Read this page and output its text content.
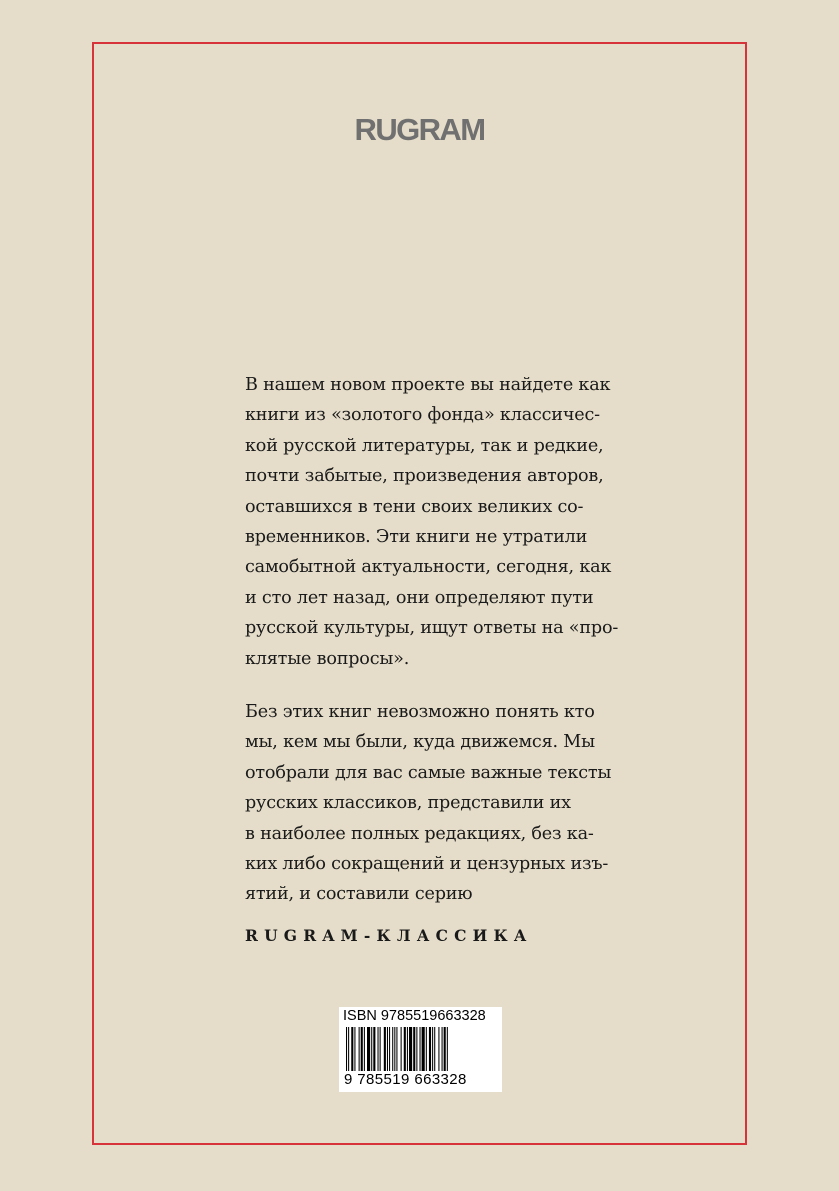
RUGRAM
В нашем новом проекте вы найдете как
книги из «золотого фонда» классичес-
кой русской литературы, так и редкие,
почти забытые, произведения авторов,
оставшихся в тени своих великих со-
временников. Эти книги не утратили
самобытной актуальности, сегодня, как
и сто лет назад, они определяют пути
русской культуры, ищут ответы на «про-
клятые вопросы».
Без этих книг невозможно понять кто
мы, кем мы были, куда движемся. Мы
отобрали для вас самые важные тексты
русских классиков, представили их
в наиболее полных редакциях, без ка-
ких либо сокращений и цензурных изъ-
ятий, и составили серию
RUGRAM-КЛАССИКА
ISBN 9785519663328
9 785519 663328
